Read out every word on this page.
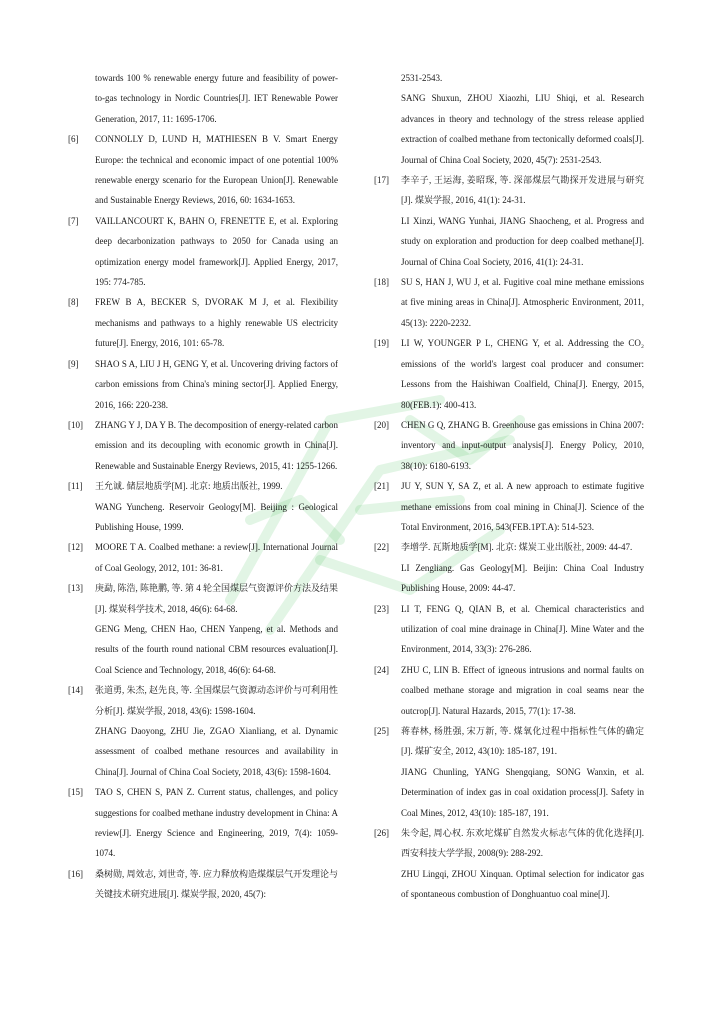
towards 100 % renewable energy future and feasibility of power-to-gas technology in Nordic Countries[J]. IET Renewable Power Generation, 2017, 11: 1695-1706.

[6] CONNOLLY D, LUND H, MATHIESEN B V. Smart Energy Europe: the technical and economic impact of one potential 100% renewable energy scenario for the European Union[J]. Renewable and Sustainable Energy Reviews, 2016, 60: 1634-1653.

[7] VAILLANCOURT K, BAHN O, FRENETTE E, et al. Exploring deep decarbonization pathways to 2050 for Canada using an optimization energy model framework[J]. Applied Energy, 2017, 195: 774-785.

[8] FREW B A, BECKER S, DVORAK M J, et al. Flexibility mechanisms and pathways to a highly renewable US electricity future[J]. Energy, 2016, 101: 65-78.

[9] SHAO S A, LIU J H, GENG Y, et al. Uncovering driving factors of carbon emissions from China's mining sector[J]. Applied Energy, 2016, 166: 220-238.

[10] ZHANG Y J, DA Y B. The decomposition of energy-related carbon emission and its decoupling with economic growth in China[J]. Renewable and Sustainable Energy Reviews, 2015, 41: 1255-1266.

[11] 王允诚. 储层地质学[M]. 北京: 地质出版社, 1999.

WANG Yuncheng. Reservoir Geology[M]. Beijing : Geological Publishing House, 1999.

[12] MOORE T A. Coalbed methane: a review[J]. International Journal of Coal Geology, 2012, 101: 36-81.

[13] 庚勐, 陈浩, 陈艳鹏, 等. 第 4 轮全国煤层气资源评价方法及结果[J]. 煤炭科学技术, 2018, 46(6): 64-68.

GENG Meng, CHEN Hao, CHEN Yanpeng, et al. Methods and results of the fourth round national CBM resources evaluation[J]. Coal Science and Technology, 2018, 46(6): 64-68.

[14] 张道勇, 朱杰, 赵先良, 等. 全国煤层气资源动态评价与可利用性分析[J]. 煤炭学报, 2018, 43(6): 1598-1604.

ZHANG Daoyong, ZHU Jie, ZGAO Xianliang, et al. Dynamic assessment of coalbed methane resources and availability in China[J]. Journal of China Coal Society, 2018, 43(6): 1598-1604.

[15] TAO S, CHEN S, PAN Z. Current status, challenges, and policy suggestions for coalbed methane industry development in China: A review[J]. Energy Science and Engineering, 2019, 7(4): 1059-1074.

[16] 桑树勋, 周效志, 刘世奇, 等. 应力释放构造煤煤层气开发理论与关键技术研究进展[J]. 煤炭学报, 2020, 45(7):

2531-2543.

SANG Shuxun, ZHOU Xiaozhi, LIU Shiqi, et al. Research advances in theory and technology of the stress release applied extraction of coalbed methane from tectonically deformed coals[J]. Journal of China Coal Society, 2020, 45(7): 2531-2543.

[17] 李辛子, 王运海, 姜昭琛, 等. 深部煤层气勘探开发进展与研究[J]. 煤炭学报, 2016, 41(1): 24-31.

LI Xinzi, WANG Yunhai, JIANG Shaocheng, et al. Progress and study on exploration and production for deep coalbed methane[J]. Journal of China Coal Society, 2016, 41(1): 24-31.

[18] SU S, HAN J, WU J, et al. Fugitive coal mine methane emissions at five mining areas in China[J]. Atmospheric Environment, 2011, 45(13): 2220-2232.

[19] LI W, YOUNGER P L, CHENG Y, et al. Addressing the CO₂ emissions of the world's largest coal producer and consumer: Lessons from the Haishiwan Coalfield, China[J]. Energy, 2015, 80(FEB.1): 400-413.

[20] CHEN G Q, ZHANG B. Greenhouse gas emissions in China 2007: inventory and input-output analysis[J]. Energy Policy, 2010, 38(10): 6180-6193.

[21] JU Y, SUN Y, SA Z, et al. A new approach to estimate fugitive methane emissions from coal mining in China[J]. Science of the Total Environment, 2016, 543(FEB.1PT.A): 514-523.

[22] 李增学. 瓦斯地质学[M]. 北京: 煤炭工业出版社, 2009: 44-47.

LI Zengliang. Gas Geology[M]. Beijin: China Coal Industry Publishing House, 2009: 44-47.

[23] LI T, FENG Q, QIAN B, et al. Chemical characteristics and utilization of coal mine drainage in China[J]. Mine Water and the Environment, 2014, 33(3): 276-286.

[24] ZHU C, LIN B. Effect of igneous intrusions and normal faults on coalbed methane storage and migration in coal seams near the outcrop[J]. Natural Hazards, 2015, 77(1): 17-38.

[25] 蒋春林, 杨胜强, 宋万新, 等. 煤氧化过程中指标性气体的确定[J]. 煤矿安全, 2012, 43(10): 185-187, 191.

JIANG Chunling, YANG Shengqiang, SONG Wanxin, et al. Determination of index gas in coal oxidation process[J]. Safety in Coal Mines, 2012, 43(10): 185-187, 191.

[26] 朱令起, 周心权. 东欢坨煤矿自然发火标志气体的优化选择[J]. 西安科技大学学报, 2008(9): 288-292.

ZHU Lingqi, ZHOU Xinquan. Optimal selection for indicator gas of spontaneous combustion of Donghuantuo coal mine[J].
